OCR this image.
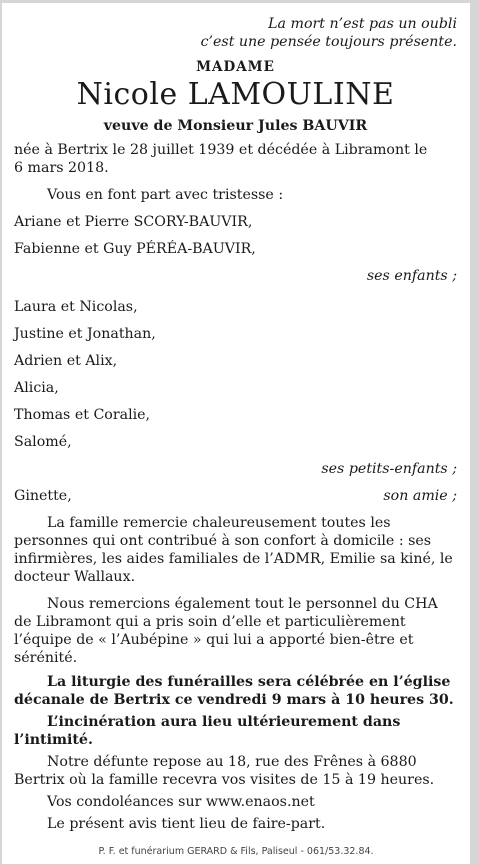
La mort n’est pas un oubli
c’est une pensée toujours présente.
MADAME
Nicole LAMOULINE
veuve de Monsieur Jules BAUVIR
née à Bertrix le 28 juillet 1939 et décédée à Libramont le
6 mars 2018.
Vous en font part avec tristesse :
Ariane et Pierre SCORY-BAUVIR,
Fabienne et Guy PÉRÉA-BAUVIR,
ses enfants ;
Laura et Nicolas,
Justine et Jonathan,
Adrien et Alix,
Alicia,
Thomas et Coralie,
Salomé,
ses petits-enfants ;
Ginette,	son amie ;
La famille remercie chaleureusement toutes les
personnes qui ont contribué à son confort à domicile : ses
infirmières, les aides familiales de l’ADMR, Emilie sa kiné, le
docteur Wallaux.
Nous remercions également tout le personnel du CHA
de Libramont qui a pris soin d’elle et particulièrement
l’équipe de « l’Aubépine » qui lui a apporté bien-être et
sérénité.
La liturgie des funérailles sera célébrée en l’église
décanale de Bertrix ce vendredi 9 mars à 10 heures 30.
L’incinération aura lieu ultérieurement dans
l’intimité.
Notre défunte repose au 18, rue des Frênes à 6880
Bertrix où la famille recevra vos visites de 15 à 19 heures.
Vos condoléances sur www.enaos.net
Le présent avis tient lieu de faire-part.
P. F. et funérarium GERARD & Fils, Paliseul - 061/53.32.84.
